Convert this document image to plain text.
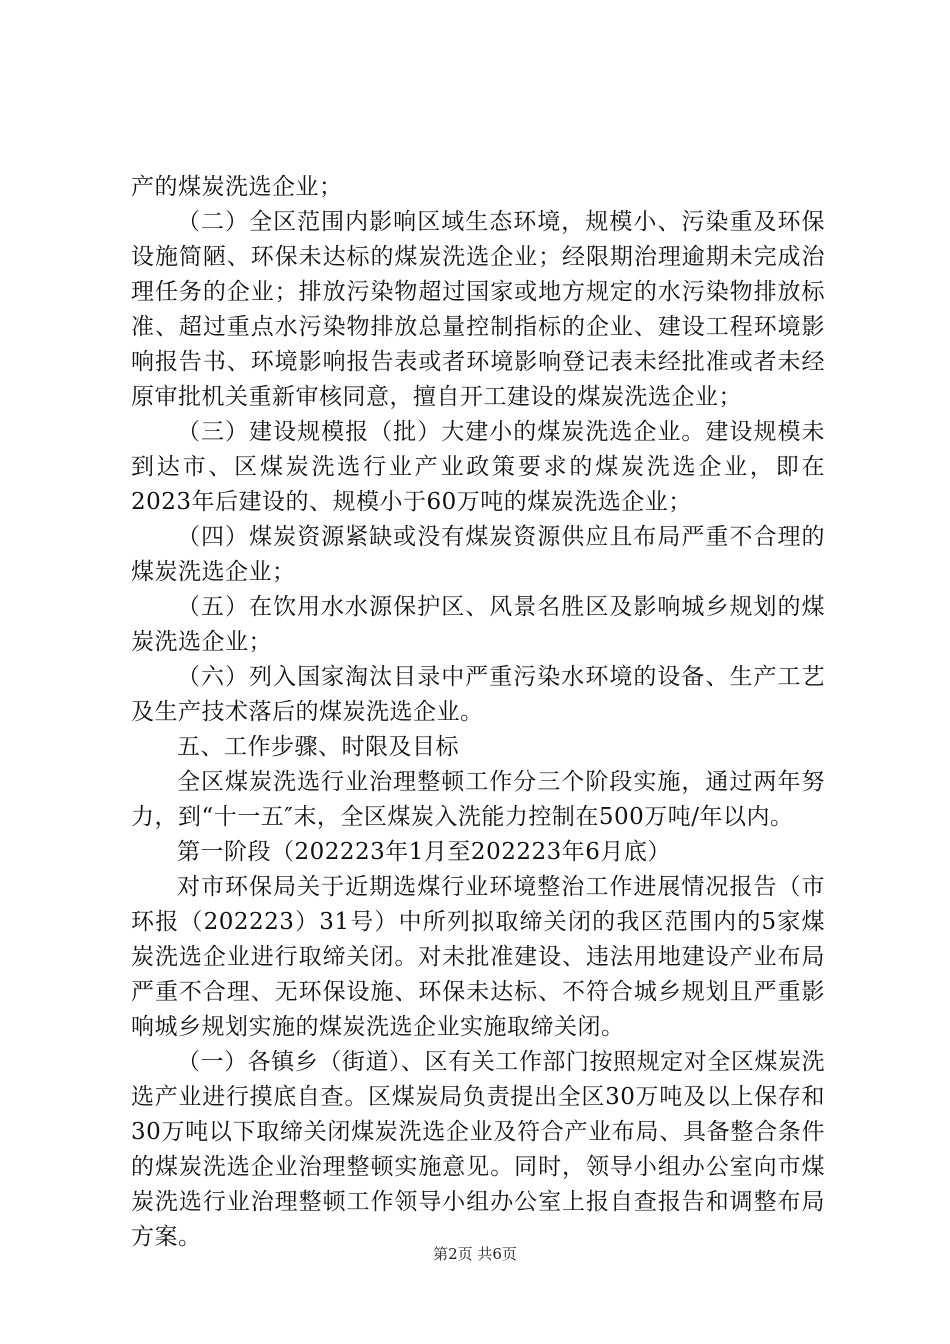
产的煤炭洗选企业；

（二）全区范围内影响区域生态环境，规模小、污染重及环保设施简陋、环保未达标的煤炭洗选企业；经限期治理逾期未完成治理任务的企业；排放污染物超过国家或地方规定的水污染物排放标准、超过重点水污染物排放总量控制指标的企业、建设工程环境影响报告书、环境影响报告表或者环境影响登记表未经批准或者未经原审批机关重新审核同意，擅自开工建设的煤炭洗选企业；

（三）建设规模报（批）大建小的煤炭洗选企业。建设规模未到达市、区煤炭洗选行业产业政策要求的煤炭洗选企业，即在2023年后建设的、规模小于60万吨的煤炭洗选企业；

（四）煤炭资源紧缺或没有煤炭资源供应且布局严重不合理的煤炭洗选企业；

（五）在饮用水水源保护区、风景名胜区及影响城乡规划的煤炭洗选企业；

（六）列入国家淘汰目录中严重污染水环境的设备、生产工艺及生产技术落后的煤炭洗选企业。

五、工作步骤、时限及目标

全区煤炭洗选行业治理整顿工作分三个阶段实施，通过两年努力，到“十一五″末，全区煤炭入洗能力控制在500万吨/年以内。

第一阶段（202223年1月至202223年6月底）

对市环保局关于近期选煤行业环境整治工作进展情况报告（市环报（202223）31号）中所列拟取缔关闭的我区范围内的5家煤炭洗选企业进行取缔关闭。对未批准建设、违法用地建设产业布局严重不合理、无环保设施、环保未达标、不符合城乡规划且严重影响城乡规划实施的煤炭洗选企业实施取缔关闭。

（一）各镇乡（街道）、区有关工作部门按照规定对全区煤炭洗选产业进行摸底自查。区煤炭局负责提出全区30万吨及以上保存和30万吨以下取缔关闭煤炭洗选企业及符合产业布局、具备整合条件的煤炭洗选企业治理整顿实施意见。同时，领导小组办公室向市煤炭洗选行业治理整顿工作领导小组办公室上报自查报告和调整布局方案。

第2页 共6页
